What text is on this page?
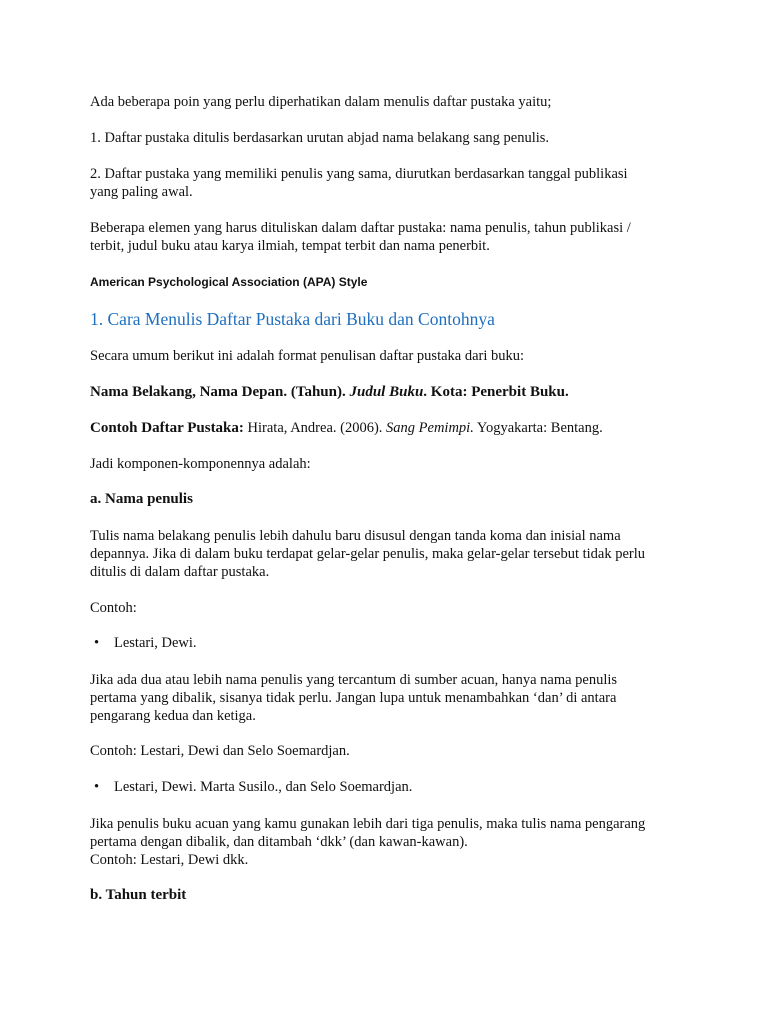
Ada beberapa poin yang perlu diperhatikan dalam menulis daftar pustaka yaitu;

1. Daftar pustaka ditulis berdasarkan urutan abjad nama belakang sang penulis.

2. Daftar pustaka yang memiliki penulis yang sama, diurutkan berdasarkan tanggal publikasi

yang paling awal.

Beberapa elemen yang harus dituliskan dalam daftar pustaka: nama penulis, tahun publikasi /

terbit, judul buku atau karya ilmiah, tempat terbit dan nama penerbit.

American Psychological Association (APA) Style

1. Cara Menulis Daftar Pustaka dari Buku dan Contohnya

Secara umum berikut ini adalah format penulisan daftar pustaka dari buku:

Nama Belakang, Nama Depan. (Tahun). Judul Buku. Kota: Penerbit Buku.

Contoh Daftar Pustaka: Hirata, Andrea. (2006). Sang Pemimpi. Yogyakarta: Bentang.

Jadi komponen-komponennya adalah:

a. Nama penulis

Tulis nama belakang penulis lebih dahulu baru disusul dengan tanda koma dan inisial nama

depannya. Jika di dalam buku terdapat gelar-gelar penulis, maka gelar-gelar tersebut tidak perlu

ditulis di dalam daftar pustaka.

Contoh:

• Lestari, Dewi.

Jika ada dua atau lebih nama penulis yang tercantum di sumber acuan, hanya nama penulis

pertama yang dibalik, sisanya tidak perlu. Jangan lupa untuk menambahkan ‘dan’ di antara

pengarang kedua dan ketiga.

Contoh: Lestari, Dewi dan Selo Soemardjan.

• Lestari, Dewi. Marta Susilo., dan Selo Soemardjan.

Jika penulis buku acuan yang kamu gunakan lebih dari tiga penulis, maka tulis nama pengarang

pertama dengan dibalik, dan ditambah ‘dkk’ (dan kawan-kawan).

Contoh: Lestari, Dewi dkk.

b. Tahun terbit
